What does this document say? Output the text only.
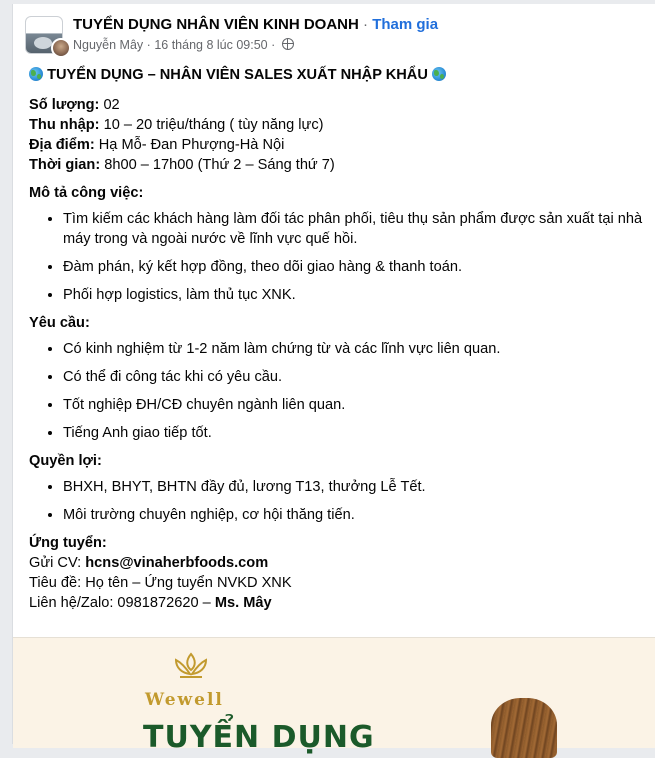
TUYỂN DỤNG NHÂN VIÊN KINH DOANH · Tham gia
Nguyễn Mây · 16 tháng 8 lúc 09:50 ·
TUYỂN DỤNG – NHÂN VIÊN SALES XUẤT NHẬP KHẨU
Số lượng: 02
Thu nhập: 10 – 20 triệu/tháng ( tùy năng lực)
Địa điểm: Hạ Mỗ- Đan Phượng-Hà Nội
Thời gian: 8h00 – 17h00 (Thứ 2 – Sáng thứ 7)
Mô tả công việc:
• Tìm kiếm các khách hàng làm đối tác phân phối, tiêu thụ sản phẩm được sản xuất tại nhà máy trong và ngoài nước về lĩnh vực quế hồi.
• Đàm phán, ký kết hợp đồng, theo dõi giao hàng & thanh toán.
• Phối hợp logistics, làm thủ tục XNK.
Yêu cầu:
• Có kinh nghiệm từ 1-2 năm làm chứng từ và các lĩnh vực liên quan.
• Có thể đi công tác khi có yêu cầu.
• Tốt nghiệp ĐH/CĐ chuyên ngành liên quan.
• Tiếng Anh giao tiếp tốt.
Quyền lợi:
• BHXH, BHYT, BHTN đầy đủ, lương T13, thưởng Lễ Tết.
• Môi trường chuyên nghiệp, cơ hội thăng tiến.
Ứng tuyển:
Gửi CV: hcns@vinaherbfoods.com
Tiêu đề: Họ tên – Ứng tuyển NVKD XNK
Liên hệ/Zalo: 0981872620 – Ms. Mây
Wewell
TUYỂN DỤNG
